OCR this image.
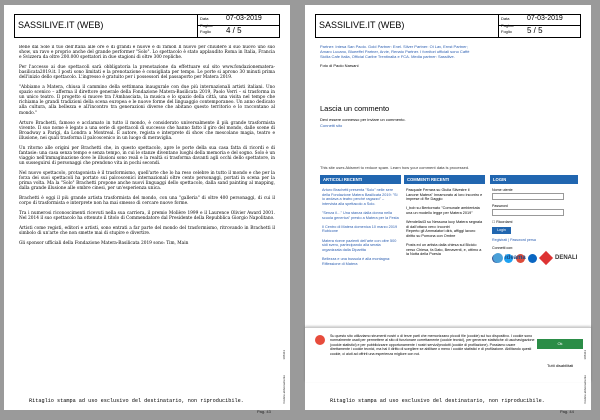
SASSILIVE.IT (WEB)
Data	07-03-2019
Pagina
Foglio 4 / 5

Bene dal Sole il tuo dell'Italia alle ore e di grandi e nuove e di ramoll Il nuovo per chiudere il suo nuovo uno suo show, un ravo e proprio anche del grande performer "Solo". Lo spettacolo è stato applaudito Roma in Italia, Francia e Svizzera da oltre 200.000 spettatori in due stagioni di oltre 300 repliche.

Per l'accesso ai due spettacoli sarà obbligatoria la prenotazione da effettuare sul sito www.fondazionematera-basilicata2019.it. I posti sono limitati e la prenotazione è consigliata per tempo. Le porte si aprono 30 minuti prima dell'inizio dello spettacolo. L'ingresso è gratuito per i possessori del passaporto per Matera 2019.

"Abbiamo a Matera, chiusa il cammino della settimana inaugurale con due più internazionali artisti italiani. Uno spazio scenico – afferma il direttore generale della Fondazione Matera-Basilicata 2019, Paolo Verri – si trasforma in un unico teatro. Il progetto si muove tra l'Ambasciata, la musica e lo spazio della città, una visita nel tempo che richiama le grandi tradizioni della scena europea e le nuove forme del linguaggio contemporaneo. Un anno dedicato alla cultura, alla bellezza e all'incontro tra generazioni diverse che abitano questo territorio e lo raccontano al mondo."

Arturo Brachetti, famoso e acclamato in tutto il mondo, è considerato universalmente il più grande trasformista vivente. Il suo nome è legato a una serie di spettacoli di successo che hanno fatto il giro del mondo, dalle scene di Broadway a Parigi, da Londra a Montreal. È autore, regista e interprete di show che mescolano magia, teatro e illusione, nei quali trasforma il palcoscenico in un luogo di meraviglia.

Un ritorno alle origini per Brachetti che, in questo spettacolo, apre le porte della sua casa fatta di ricordi e di fantasie: una casa senza tempo e senza tempo, in cui le stanze diventano luoghi della memoria e del sogno. Solo è un viaggio nell'immaginazione dove le illusioni sono reali e la realtà si trasforma davanti agli occhi dello spettatore, in un susseguirsi di personaggi che prendono vita in pochi secondi.

Nel nuovo spettacolo, protagonista è il trasformismo, quell'arte che lo ha reso celebre in tutto il mondo e che per la forza dei suoi spettacoli ha portato sui palcoscenici internazionali oltre cento personaggi, portati in scena per la prima volta. Ma la "Solo" Brachetti propone anche nuovi linguaggi dello spettacolo, dalla sand painting al mapping, dalla grande illusione alle ombre cinesi, per un'esperienza unica.

Brachetti è oggi il più grande artista trasformista del mondo, con una "galleria" di oltre 400 personaggi, di cui il corpo di trasformista e interprete non ha mai smesso di cercare nuove forme.

Tra i numerosi riconoscimenti ricevuti nella sua carriera, il premio Molière 1999 e il Laurence Olivier Award 2001. Nel 2014 il suo spettacolo ha ottenuto il titolo di Commendatore dal Presidente della Repubblica Giorgio Napolitano.

Artisti come registi, editori e artisti, sono entrati a far parte del mondo del trasformismo, ritrovando in Brachetti il simbolo di un'arte che non smette mai di stupire e divertire.

Gli sponsor ufficiali della Fondazione Matera-Basilicata 2019 sono: Tim, Main

106111
Codice abbonamento
Ritaglio stampa ad uso esclusivo del destinatario, non riproducibile.
Pag. 43
SASSILIVE.IT (WEB)
Data	07-03-2019
Pagina
Foglio 5 / 5

Partner: Intesa San Paolo. Gold Partner: Enel. Silver Partner: Oi Lav, Ernst Partner; Amaro Lucano, Blueeffel Partner, Arvie, Renato Partner. I fornitori ufficiali sono Caffè Sicilia Cafe Italia, Official Caribe Trentinalia e FCA. Media partner: Sassilive.

Foto di Paolo Narsani

Lascia un commento
Devi essere connesso per inviare un commento.
Connetti sito
This site uses Akismet to reduce spam. Learn how your comment data is processed.
ARTICOLI RECENTI
Arturo Brachetti presenta "Solo" nelle sere della Fondazione Matera Basilicata 2019: "Si io andava a teatro perché ragazzo" – intervista alla spettacolo a Solo.

"Senza il…" Una stanza dalla donna nella scuola generica" presto a Matera per la Festa

Il Centro di Matera domenica 10 marzo 2019 Rubicone

Matera riceve pazienti dell'arte con oltre 500 sidi svero, partecipando alla serata organizzata dalla Dipartita

Bellezza e una bussola è alla montagna: Riflessione di Matera
COMMENTI RECENTI
Pasquale Ferrara su Giulia Silvestre il Lanone Matera" Innamorato al loro incontro e imprese di Re Daggio

I_bob su Bentornato "Comunale ambientata una un modello legge per Matera 2019"

Wendella43 su Nessuna lucy Matera segnala di dall'ottavo vero: incontri
Reperto gli Ammalatori dirà, affiggi lavoro diritto su Pomona con Ombre

Posts ed un artista dalla chiesa sul Biciclo verso Chiesa, fa Dato, Benaventi, e, ottimo a la Notta della Poesia
LOGIN
Nome utente
Password
☐ Ricordami
Login
Registrati | Password persa
Connetti con:
ideama	DENALI

Su questo sito utilizziamo strumenti nostri o di terze parti che memorizzano piccoli file (cookie) sul tuo dispositivo. I cookie sono normalmente usati per permettere al sito di funzionare correttamente (cookie tecnici), per generare statistiche di uso/navigazione (cookie statistici) e per pubblicizzare opportunamente i nostri servizi/prodotti (cookie di profilazione). Possiamo usare direttamente i cookie tecnici, ma hai il diritto di scegliere se abilitare o meno i cookie statistici e di profilazione. Abilitando questi cookie, ci aiuti ad offrirti una esperienza migliore con noi.

Ok
Tutti disabilitati
106111
Codice abbonamento
Ritaglio stampa ad uso esclusivo del destinatario, non riproducibile.
Pag. 44
